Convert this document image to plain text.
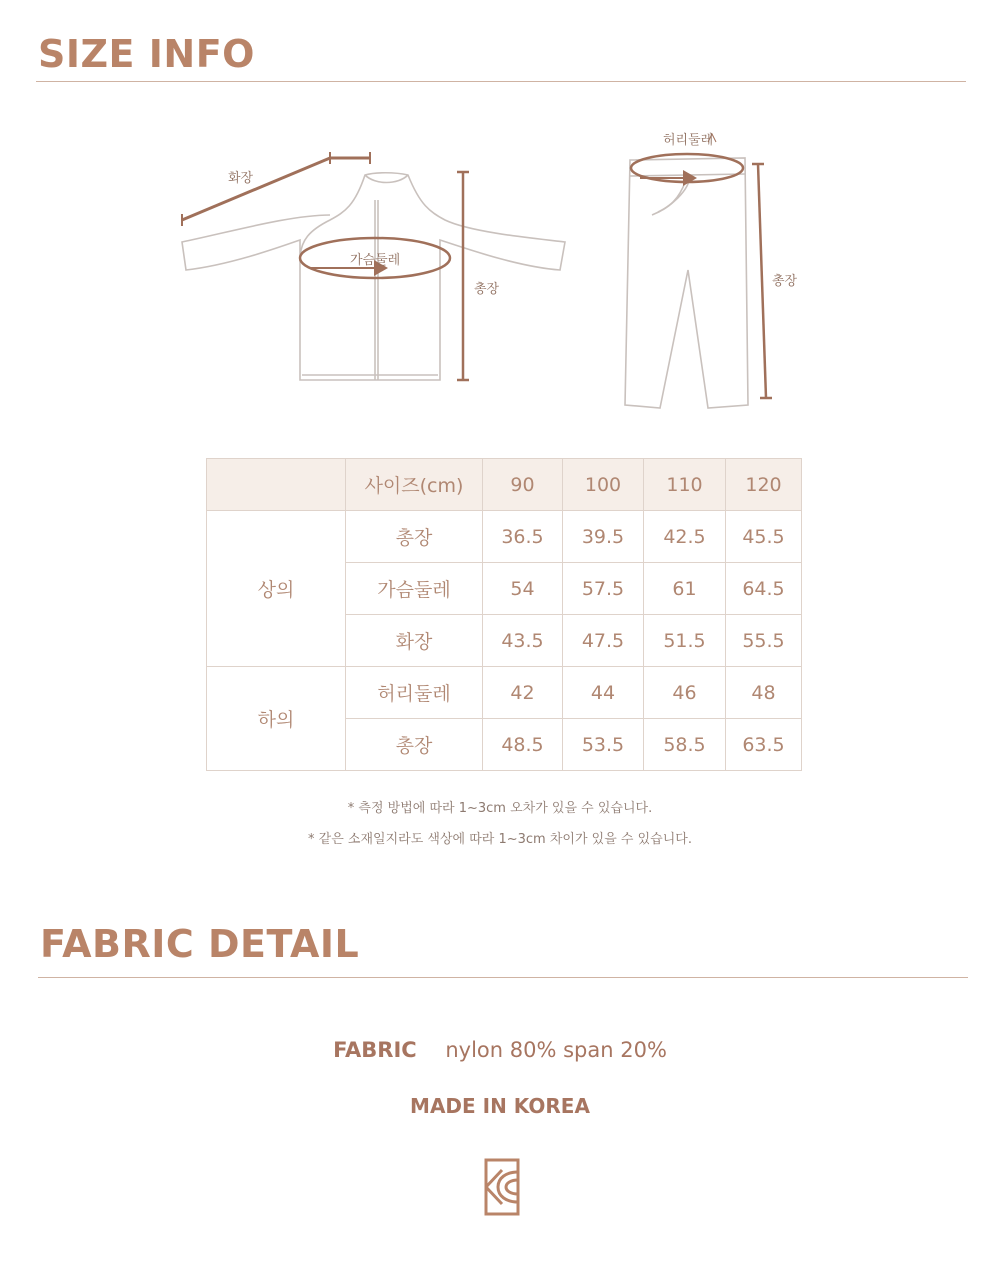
SIZE INFO
화장
가슴둘레
총장
허리둘레
총장
	사이즈(cm)	90	100	110	120
상의	총장	36.5	39.5	42.5	45.5
	가슴둘레	54	57.5	61	64.5
	화장	43.5	47.5	51.5	55.5
하의	허리둘레	42	44	46	48
	총장	48.5	53.5	58.5	63.5

* 측정 방법에 따라 1~3cm 오차가 있을 수 있습니다.

* 같은 소재일지라도 색상에 따라 1~3cm 차이가 있을 수 있습니다.

FABRIC DETAIL
FABRIC nylon 80% span 20%

MADE IN KOREA
